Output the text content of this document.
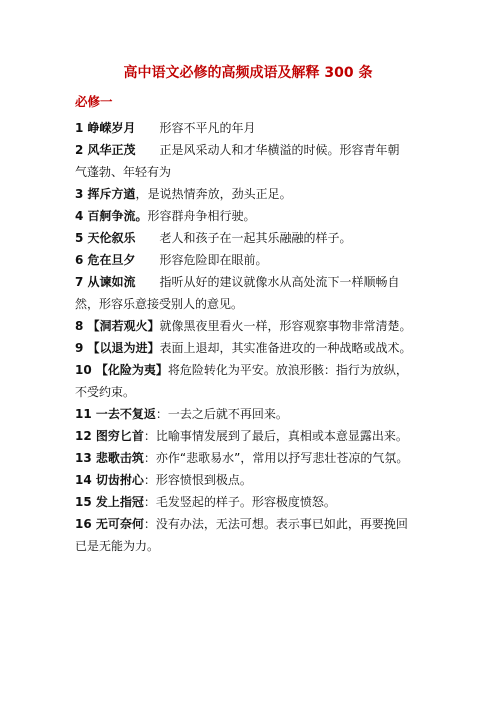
高中语文必修的高频成语及解释 300 条
必修一
1 峥嵘岁月 形容不平凡的年月
2 风华正茂 正是风采动人和才华横溢的时候。形容青年朝
气蓬勃、年轻有为
3 挥斥方遒，是说热情奔放，劲头正足。
4 百舸争流。形容群舟争相行驶。
5 天伦叙乐 老人和孩子在一起其乐融融的样子。
6 危在旦夕 形容危险即在眼前。
7 从谏如流 指听从好的建议就像水从高处流下一样顺畅自
然，形容乐意接受别人的意见。
8 【洞若观火】就像黑夜里看火一样，形容观察事物非常清楚。
9 【以退为进】表面上退却，其实准备进攻的一种战略或战术。
10 【化险为夷】将危险转化为平安。放浪形骸：指行为放纵，
不受约束。
11 一去不复返：一去之后就不再回来。
12 图穷匕首：比喻事情发展到了最后，真相或本意显露出来。
13 悲歌击筑：亦作“悲歌易水”，常用以抒写悲壮苍凉的气氛。
14 切齿拊心：形容愤恨到极点。
15 发上指冠：毛发竖起的样子。形容极度愤怒。
16 无可奈何：没有办法，无法可想。表示事已如此，再要挽回
已是无能为力。
